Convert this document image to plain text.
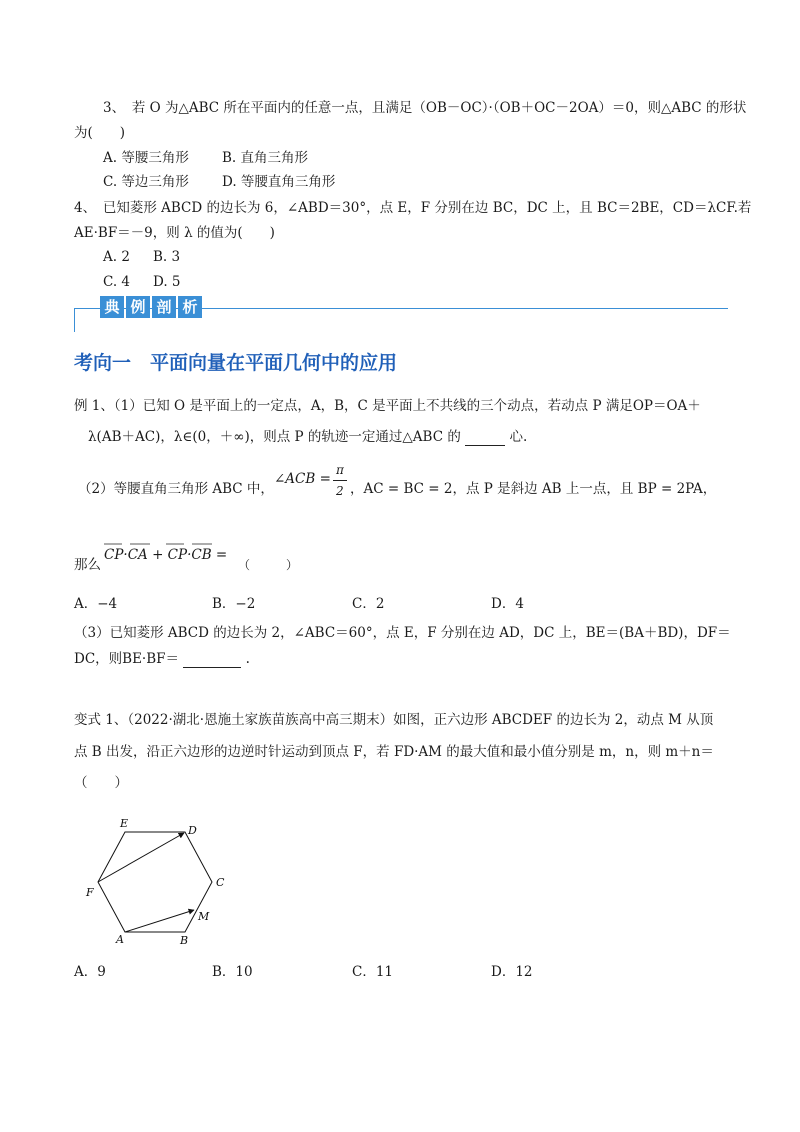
3、　若 O 为△ABC 所在平面内的任意一点，且满足（OB－OC）·（OB＋OC－2OA）＝0，则△ABC 的形状
为(　　)
A. 等腰三角形 B. 直角三角形
C. 等边三角形 D. 等腰直角三角形
4、　已知菱形 ABCD 的边长为 6，∠ABD＝30°，点 E，F 分别在边 BC，DC 上，且 BC＝2BE，CD＝λCF.若
AE·BF＝－9，则 λ 的值为(　　)
A. 2 B. 3
C. 4 D. 5
典 例 剖 析
考向一　平面向量在平面几何中的应用
例 1、（1）已知 O 是平面上的一定点，A，B，C 是平面上不共线的三个动点，若动点 P 满足OP＝OA＋
λ(AB＋AC)，λ∈(0，＋∞)，则点 P 的轨迹一定通过△ABC 的	心.
（2）等腰直角三角形 ABC 中，
∠ACB =
π
2 ，AC = BC = 2，点 P 是斜边 AB 上一点，且 BP = 2PA，
那么
CP·CA + CP·CB =
（　　　）
A．−4	B．−2	C．2	D．4
（3）已知菱形 ABCD 的边长为 2，∠ABC＝60°，点 E，F 分别在边 AD，DC 上，BE＝(BA＋BD)，DF＝
DC，则BE·BF＝	.
变式 1、（2022·湖北·恩施土家族苗族高中高三期末）如图，正六边形 ABCDEF 的边长为 2，动点 M 从顶
点 B 出发，沿正六边形的边逆时针运动到顶点 F，若 FD·AM 的最大值和最小值分别是 m，n，则 m＋n＝
（　　）
E
D
C
M
B
A
F
A．9	B．10	C．11	D．12
